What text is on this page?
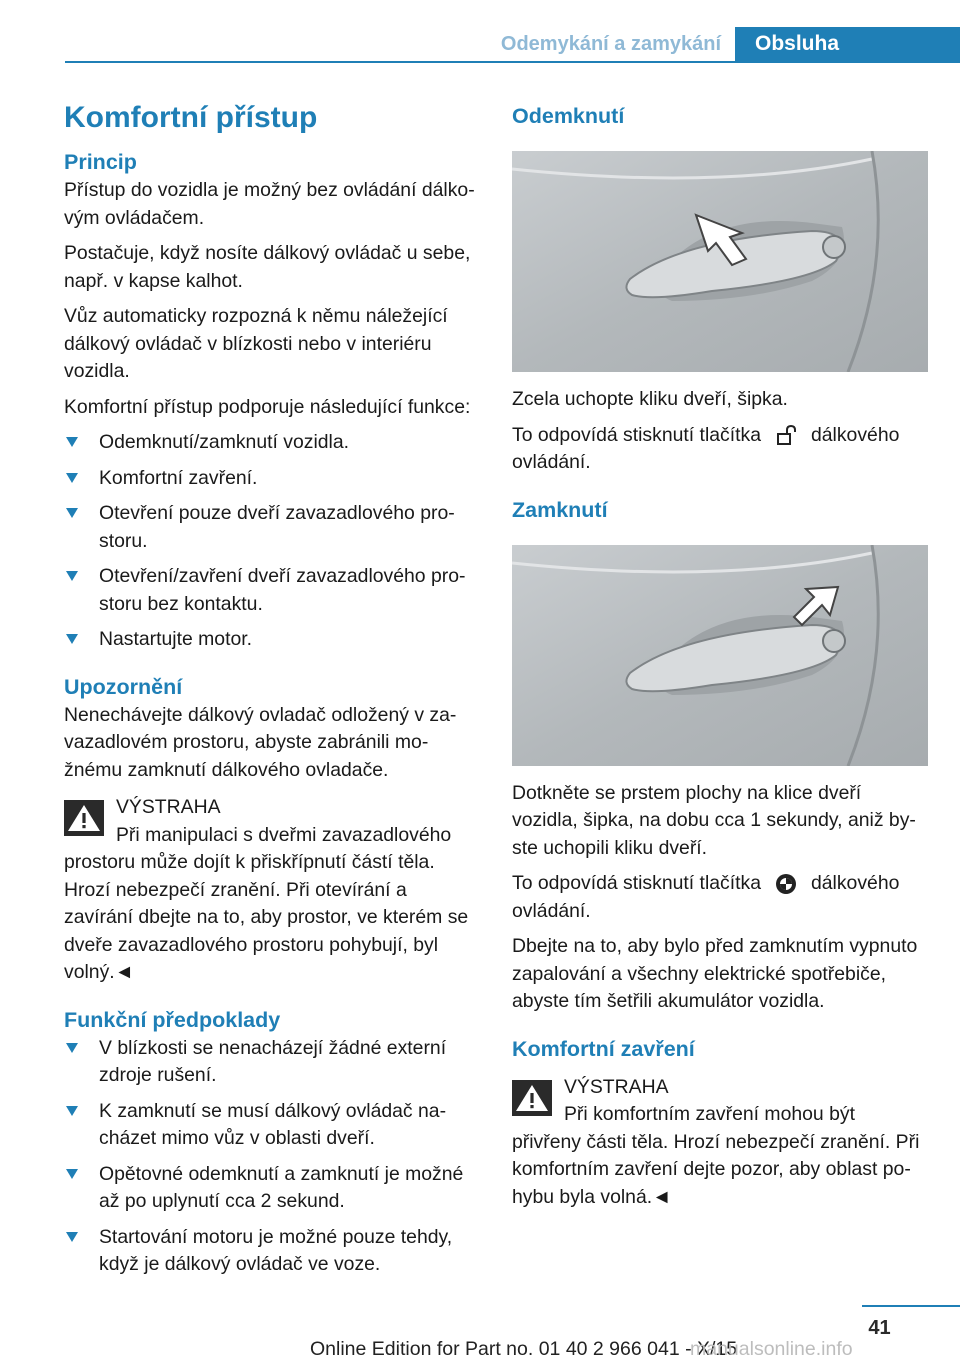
Odemykání a zamykání	Obsluha
Komfortní přístup
Princip

Přístup do vozidla je možný bez ovládání dálkovým ovládačem.

Postačuje, když nosíte dálkový ovládač u sebe, např. v kapse kalhot.

Vůz automaticky rozpozná k němu náležející dálkový ovládač v blízkosti nebo v interiéru vozidla.

Komfortní přístup podporuje následující funkce:

Odemknutí/zamknutí vozidla.
Komfortní zavření.
Otevření pouze dveří zavazadlového prostoru.
Otevření/zavření dveří zavazadlového prostoru bez kontaktu.
Nastartujte motor.
Upozornění

Nenechávejte dálkový ovladač odložený v zavazadlovém prostoru, abyste zabránili možnému zamknutí dálkového ovladače.

VÝSTRAHA
Při manipulaci s dveřmi zavazadlového prostoru může dojít k přiskřípnutí částí těla. Hrozí nebezpečí zranění. Při otevírání a zavírání dbejte na to, aby prostor, ve kterém se dveře zavazadlového prostoru pohybují, byl volný.◄
Funkční předpoklady
V blízkosti se nenacházejí žádné externí zdroje rušení.
K zamknutí se musí dálkový ovládač nacházet mimo vůz v oblasti dveří.
Opětovné odemknutí a zamknutí je možné až po uplynutí cca 2 sekund.
Startování motoru je možné pouze tehdy, když je dálkový ovládač ve voze.
Odemknutí

Zcela uchopte kliku dveří, šipka.

To odpovídá stisknutí tlačítka	dálkového ovládání.

Zamknutí

Dotkněte se prstem plochy na klice dveří vozidla, šipka, na dobu cca 1 sekundy, aniž byste uchopili kliku dveří.

To odpovídá stisknutí tlačítka	dálkového ovládání.

Dbejte na to, aby bylo před zamknutím vypnuto zapalování a všechny elektrické spotřebiče, abyste tím šetřili akumulátor vozidla.

Komfortní zavření
VÝSTRAHA
Při komfortním zavření mohou být přivřeny části těla. Hrozí nebezpečí zranění. Při komfortním zavření dejte pozor, aby oblast pohybu byla volná.◄
41
Online Edition for Part no. 01 40 2 966 041 - X/15
manualsonline.info
